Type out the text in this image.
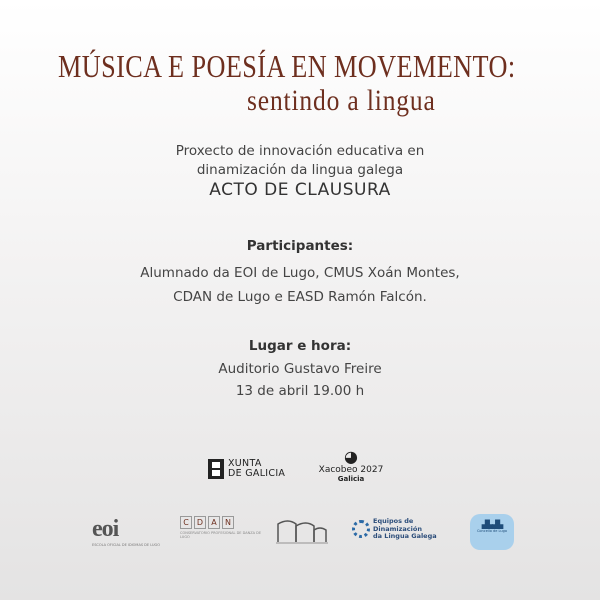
MÚSICA E POESÍA EN MOVEMENTO:
sentindo a lingua
Proxecto de innovación educativa en
dinamización da lingua galega
ACTO DE CLAUSURA
Participantes:
Alumnado da EOI de Lugo, CMUS Xoán Montes,
CDAN de Lugo e EASD Ramón Falcón.
Lugar e hora:
Auditorio Gustavo Freire
13 de abril 19.00 h
XUNTA
DE GALICIA
◕
Xacobeo 2027
Galicia
eoi
ESCOLA OFICIAL DE IDIOMAS DE LUGO
C	D	A	N
CONSERVATORIO PROFESIONAL DE DANZA DE LUGO
Equipos de
Dinamización
da Lingua Galega
▟▙▟▙
Concello de Lugo
